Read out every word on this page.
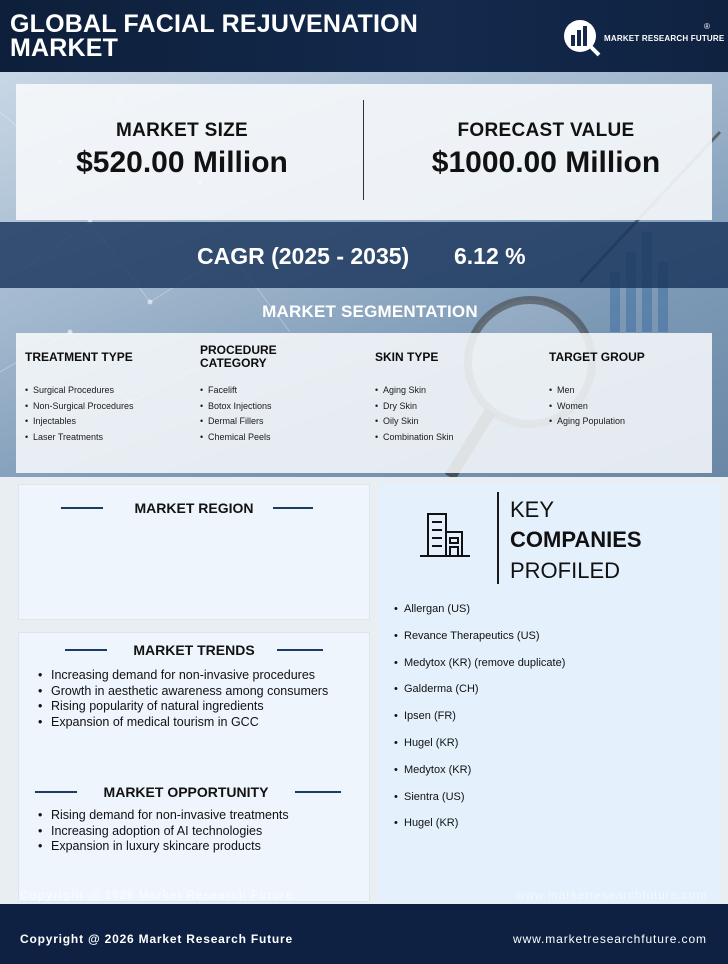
GLOBAL FACIAL REJUVENATION MARKET	MARKET RESEARCH FUTURE
®
MARKET SIZE
$520.00 Million
FORECAST VALUE
$1000.00 Million
CAGR (2025 - 2035) 6.12 %
MARKET SEGMENTATION
TREATMENT TYPE
• Surgical Procedures
• Non-Surgical Procedures
• Injectables
• Laser Treatments
PROCEDURE CATEGORY
• Facelift
• Botox Injections
• Dermal Fillers
• Chemical Peels
SKIN TYPE
• Aging Skin
• Dry Skin
• Oily Skin
• Combination Skin
TARGET GROUP
• Men
• Women
• Aging Population
MARKET REGION
MARKET TRENDS
MARKET OPPORTUNITY
• Increasing demand for non-invasive procedures
• Growth in aesthetic awareness among consumers
• Rising popularity of natural ingredients
• Expansion of medical tourism in GCC
• Rising demand for non-invasive treatments
• Increasing adoption of AI technologies
• Expansion in luxury skincare products
KEY
COMPANIES
PROFILED
• Allergan (US)
• Revance Therapeutics (US)
• Medytox (KR) (remove duplicate)
• Galderma (CH)
• Ipsen (FR)
• Hugel (KR)
• Medytox (KR)
• Sientra (US)
• Hugel (KR)
Copyright @ 2026 Market Research Future	www.marketresearchfuture.com
Copyright @ 2026 Market Research Future	www.marketresearchfuture.com
